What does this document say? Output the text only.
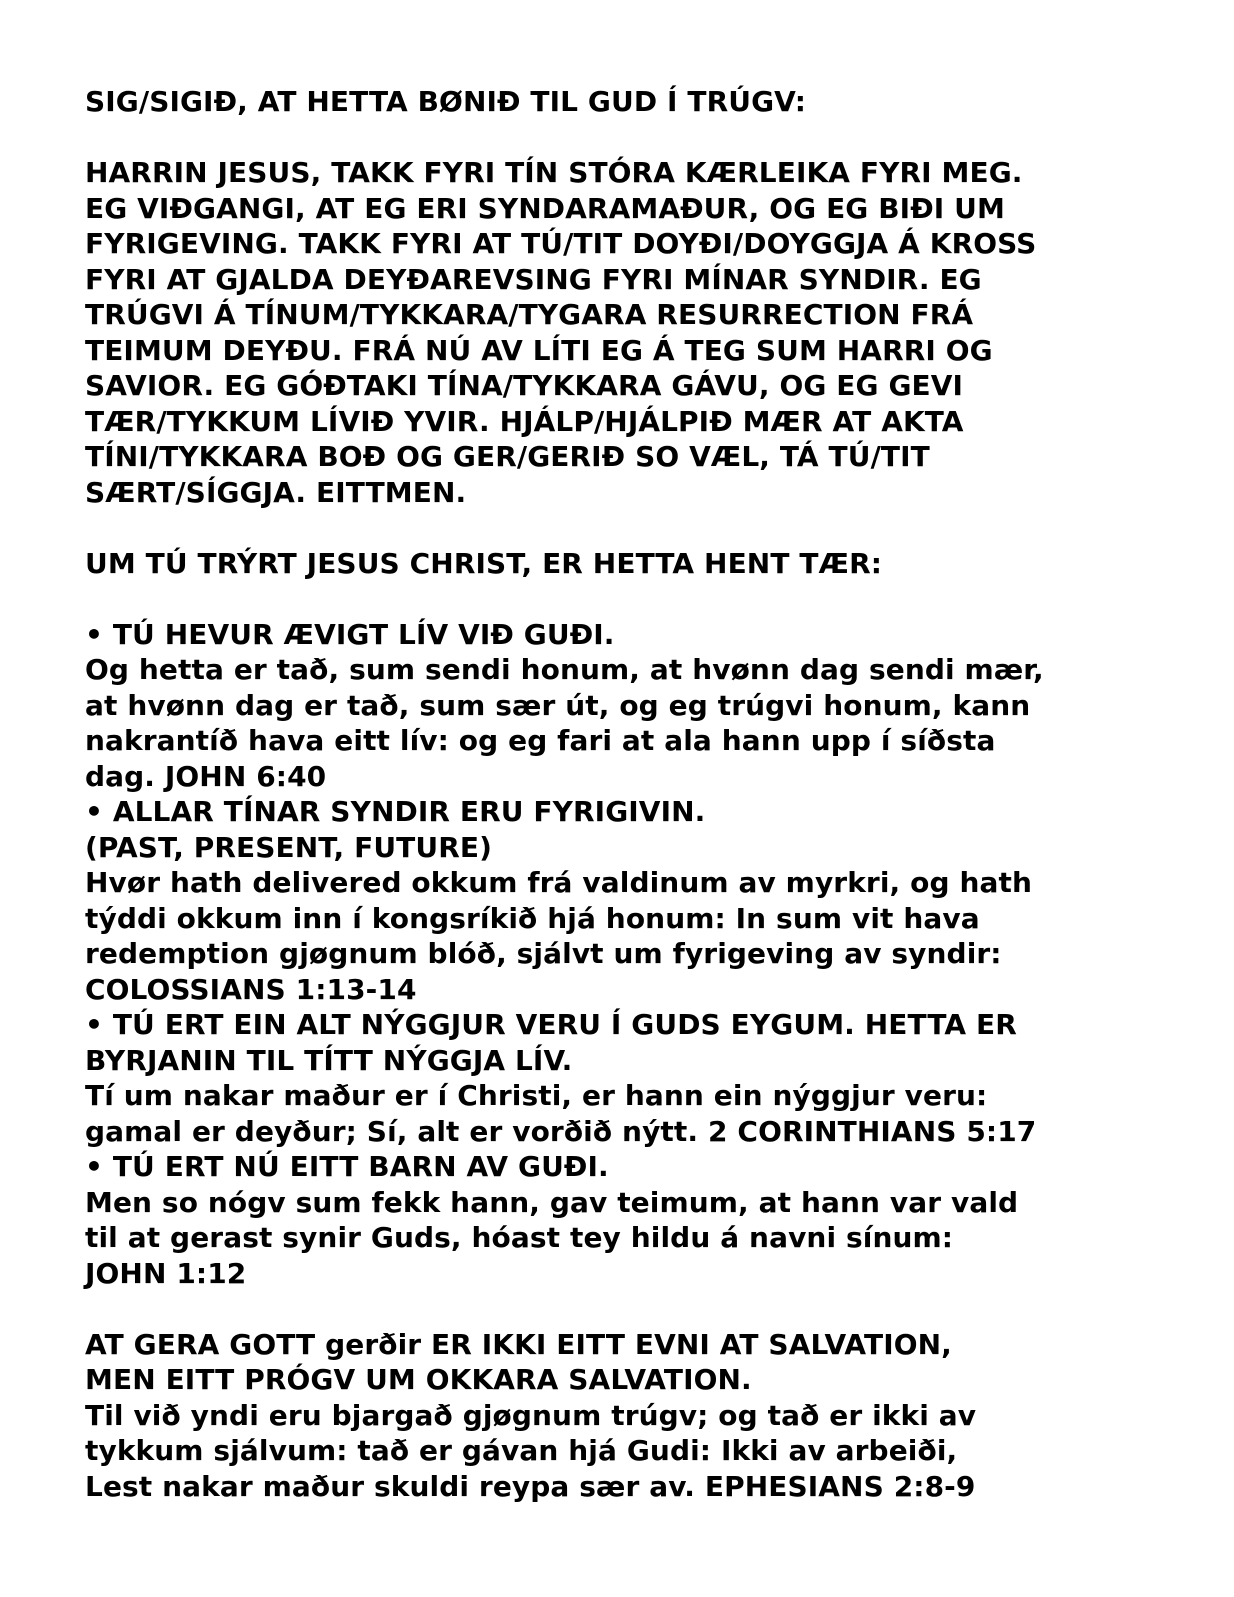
SIG/SIGIÐ, AT HETTA BØNIÐ TIL GUD Í TRÚGV:
HARRIN JESUS, TAKK FYRI TÍN STÓRA KÆRLEIKA FYRI MEG.
EG VIÐGANGI, AT EG ERI SYNDARAMAÐUR, OG EG BIÐI UM
FYRIGEVING. TAKK FYRI AT TÚ/TIT DOYÐI/DOYGGJA Á KROSS
FYRI AT GJALDA DEYÐAREVSING FYRI MÍNAR SYNDIR. EG
TRÚGVI Á TÍNUM/TYKKARA/TYGARA RESURRECTION FRÁ
TEIMUM DEYÐU. FRÁ NÚ AV LÍTI EG Á TEG SUM HARRI OG
SAVIOR. EG GÓÐTAKI TÍNA/TYKKARA GÁVU, OG EG GEVI
TÆR/TYKKUM LÍVIÐ YVIR. HJÁLP/HJÁLPIÐ MÆR AT AKTA
TÍNI/TYKKARA BOÐ OG GER/GERIÐ SO VÆL, TÁ TÚ/TIT
SÆRT/SÍGGJA. EITTMEN.
UM TÚ TRÝRT JESUS CHRIST, ER HETTA HENT TÆR:
• TÚ HEVUR ÆVIGT LÍV VIÐ GUÐI.
Og hetta er tað, sum sendi honum, at hvønn dag sendi mær,
at hvønn dag er tað, sum sær út, og eg trúgvi honum, kann
nakrantíð hava eitt lív: og eg fari at ala hann upp í síðsta
dag. JOHN 6:40
• ALLAR TÍNAR SYNDIR ERU FYRIGIVIN.
(PAST, PRESENT, FUTURE)
Hvør hath delivered okkum frá valdinum av myrkri, og hath
týddi okkum inn í kongsríkið hjá honum: In sum vit hava
redemption gjøgnum blóð, sjálvt um fyrigeving av syndir:
COLOSSIANS 1:13-14
• TÚ ERT EIN ALT NÝGGJUR VERU Í GUDS EYGUM. HETTA ER
BYRJANIN TIL TÍTT NÝGGJA LÍV.
Tí um nakar maður er í Christi, er hann ein nýggjur veru:
gamal er deyður; Sí, alt er vorðið nýtt. 2 CORINTHIANS 5:17
• TÚ ERT NÚ EITT BARN AV GUÐI.
Men so nógv sum fekk hann, gav teimum, at hann var vald
til at gerast synir Guds, hóast tey hildu á navni sínum:
JOHN 1:12
AT GERA GOTT gerðir ER IKKI EITT EVNI AT SALVATION,
MEN EITT PRÓGV UM OKKARA SALVATION.
Til við yndi eru bjargað gjøgnum trúgv; og tað er ikki av
tykkum sjálvum: tað er gávan hjá Gudi: Ikki av arbeiði,
Lest nakar maður skuldi reypa sær av. EPHESIANS 2:8-9
